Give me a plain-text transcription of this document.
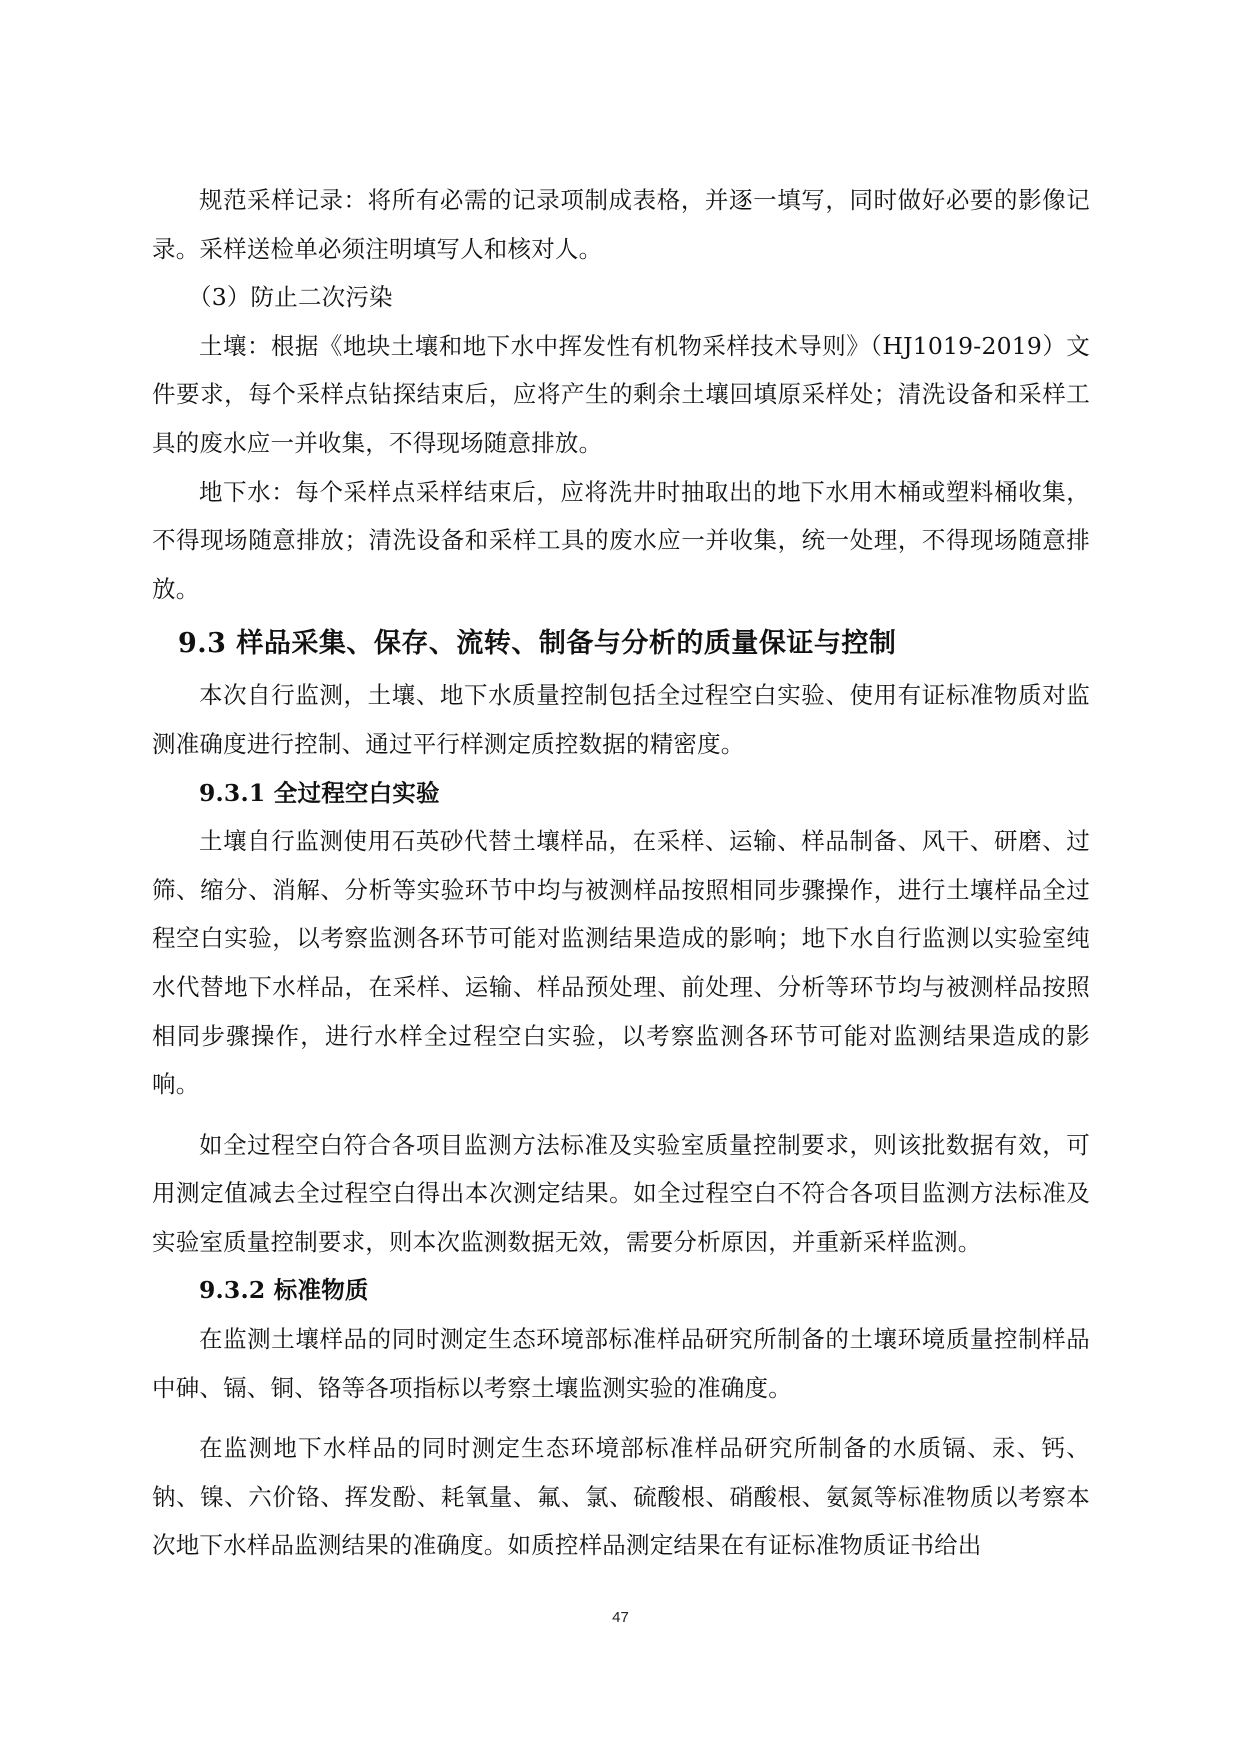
规范采样记录：将所有必需的记录项制成表格，并逐一填写，同时做好必要的影像记录。采样送检单必须注明填写人和核对人。

（3）防止二次污染

土壤：根据《地块土壤和地下水中挥发性有机物采样技术导则》（HJ1019-2019）文件要求，每个采样点钻探结束后，应将产生的剩余土壤回填原采样处；清洗设备和采样工具的废水应一并收集，不得现场随意排放。

地下水：每个采样点采样结束后，应将洗井时抽取出的地下水用木桶或塑料桶收集，不得现场随意排放；清洗设备和采样工具的废水应一并收集，统一处理，不得现场随意排放。

9.3 样品采集、保存、流转、制备与分析的质量保证与控制

本次自行监测，土壤、地下水质量控制包括全过程空白实验、使用有证标准物质对监测准确度进行控制、通过平行样测定质控数据的精密度。

9.3.1 全过程空白实验

土壤自行监测使用石英砂代替土壤样品，在采样、运输、样品制备、风干、研磨、过筛、缩分、消解、分析等实验环节中均与被测样品按照相同步骤操作，进行土壤样品全过程空白实验，以考察监测各环节可能对监测结果造成的影响；地下水自行监测以实验室纯水代替地下水样品，在采样、运输、样品预处理、前处理、分析等环节均与被测样品按照相同步骤操作，进行水样全过程空白实验，以考察监测各环节可能对监测结果造成的影响。

如全过程空白符合各项目监测方法标准及实验室质量控制要求，则该批数据有效，可用测定值减去全过程空白得出本次测定结果。如全过程空白不符合各项目监测方法标准及实验室质量控制要求，则本次监测数据无效，需要分析原因，并重新采样监测。

9.3.2 标准物质

在监测土壤样品的同时测定生态环境部标准样品研究所制备的土壤环境质量控制样品中砷、镉、铜、铬等各项指标以考察土壤监测实验的准确度。

在监测地下水样品的同时测定生态环境部标准样品研究所制备的水质镉、汞、钙、钠、镍、六价铬、挥发酚、耗氧量、氟、氯、硫酸根、硝酸根、氨氮等标准物质以考察本次地下水样品监测结果的准确度。如质控样品测定结果在有证标准物质证书给出

47
